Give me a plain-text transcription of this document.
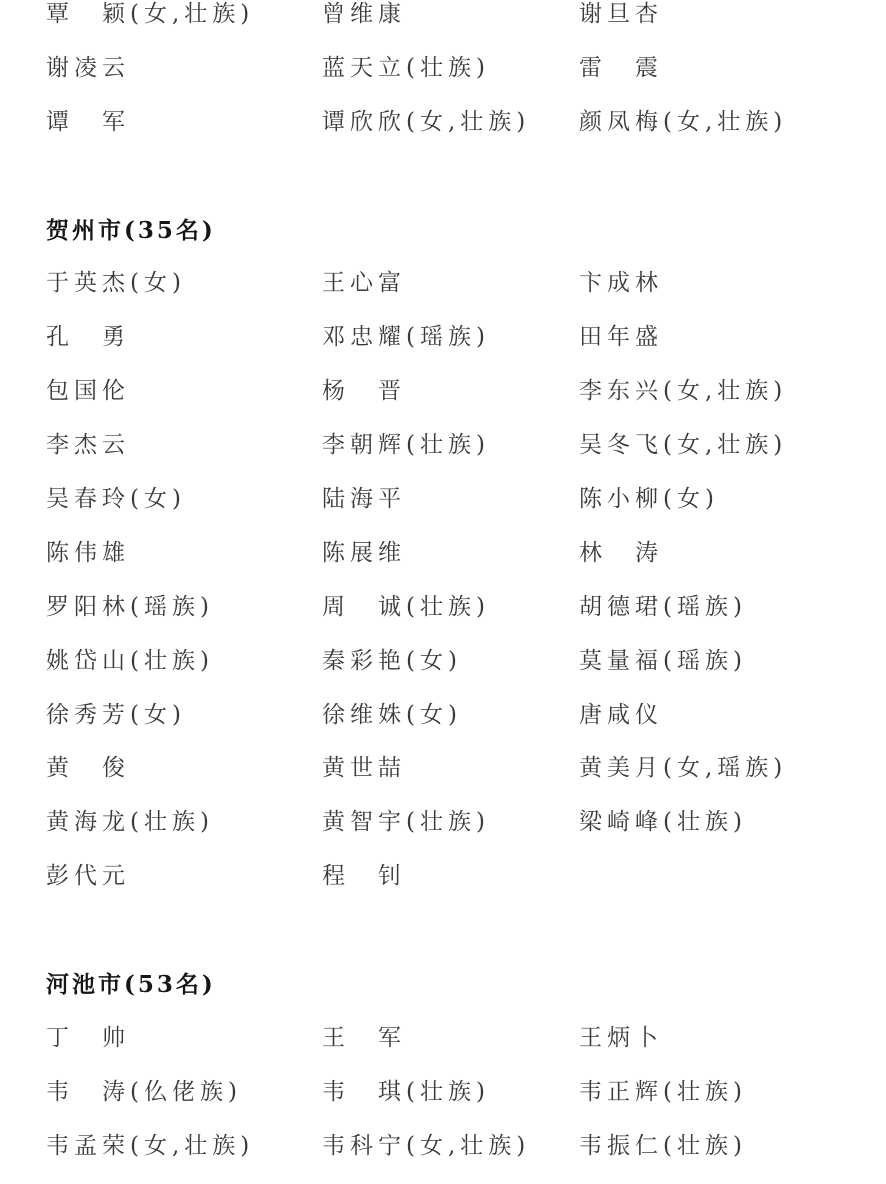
覃　颖(女,壮族)	曾维康	谢旦杏
谢凌云	蓝天立(壮族)	雷　震
谭　军	谭欣欣(女,壮族) 颜凤梅(女,壮族)
贺州市(35名)
于英杰(女)	王心富	卞成林
孔　勇	邓忠耀(瑶族)	田年盛
包国伦	杨　晋	李东兴(女,壮族)
李杰云	李朝辉(壮族)	吴冬飞(女,壮族)
吴春玲(女)	陆海平	陈小柳(女)
陈伟雄	陈展维	林　涛
罗阳林(瑶族)	周　诚(壮族)	胡德珺(瑶族)
姚岱山(壮族)	秦彩艳(女)	莫量福(瑶族)
徐秀芳(女)	徐维姝(女)	唐咸仪
黄　俊	黄世喆	黄美月(女,瑶族)
黄海龙(壮族)	黄智宇(壮族)	梁崎峰(壮族)
彭代元	程　钊
河池市(53名)
丁　帅	王　军	王炳卜
韦　涛(仫佬族)	韦　琪(壮族)	韦正辉(壮族)
韦孟荣(女,壮族)	韦科宁(女,壮族) 韦振仁(壮族)
